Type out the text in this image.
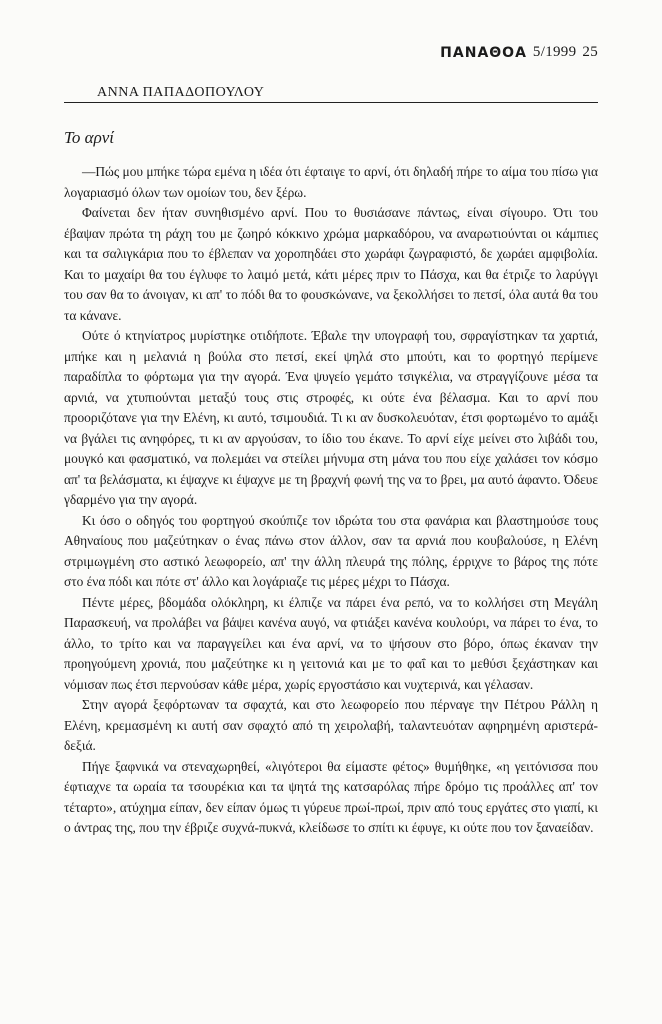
ΠΑΝΑΘΟΑ 5/1999 25
ΑΝΝΑ ΠΑΠΑΔΟΠΟΥΛΟΥ
Το αρνί

—Πώς μου μπήκε τώρα εμένα η ιδέα ότι έφταιγε το αρνί, ότι δηλαδή πήρε το αίμα του πίσω για λογαριασμό όλων των ομοίων του, δεν ξέρω.

Φαίνεται δεν ήταν συνηθισμένο αρνί. Που το θυσιάσανε πάντως, είναι σίγουρο. Ότι του έβαψαν πρώτα τη ράχη του με ζωηρό κόκκινο χρώμα μαρκαδόρου, να αναρωτιούνται οι κάμπιες και τα σαλιγκάρια που το έβλεπαν να χοροπηδάει στο χωράφι ζωγραφιστό, δε χωράει αμφιβολία. Και το μαχαίρι θα του έγλυφε το λαιμό μετά, κάτι μέρες πριν το Πάσχα, και θα έτριζε το λαρύγγι του σαν θα το άνοιγαν, κι απ' το πόδι θα το φουσκώνανε, να ξεκολλήσει το πετσί, όλα αυτά θα του τα κάνανε.

Ούτε ό κτηνίατρος μυρίστηκε οτιδήποτε. Έβαλε την υπογραφή του, σφραγίστηκαν τα χαρτιά, μπήκε και η μελανιά η βούλα στο πετσί, εκεί ψηλά στο μπούτι, και το φορτηγό περίμενε παραδίπλα το φόρτωμα για την αγορά. Ένα ψυγείο γεμάτο τσιγκέλια, να στραγγίζουνε μέσα τα αρνιά, να χτυπιούνται μεταξύ τους στις στροφές, κι ούτε ένα βέλασμα. Και το αρνί που προοριζότανε για την Ελένη, κι αυτό, τσιμουδιά. Τι κι αν δυσκολευόταν, έτσι φορτωμένο το αμάξι να βγάλει τις ανηφόρες, τι κι αν αργούσαν, το ίδιο του έκανε. Το αρνί είχε μείνει στο λιβάδι του, μουγκό και φασματικό, να πολεμάει να στείλει μήνυμα στη μάνα του που είχε χαλάσει τον κόσμο απ' τα βελάσματα, κι έψαχνε κι έψαχνε με τη βραχνή φωνή της να το βρει, μα αυτό άφαντο. Όδευε γδαρμένο για την αγορά.

Κι όσο ο οδηγός του φορτηγού σκούπιζε τον ιδρώτα του στα φανάρια και βλαστημούσε τους Αθηναίους που μαζεύτηκαν ο ένας πάνω στον άλλον, σαν τα αρνιά που κουβαλούσε, η Ελένη στριμωγμένη στο αστικό λεωφορείο, απ' την άλλη πλευρά της πόλης, έρριχνε το βάρος της πότε στο ένα πόδι και πότε στ' άλλο και λογάριαζε τις μέρες μέχρι το Πάσχα.

Πέντε μέρες, βδομάδα ολόκληρη, κι έλπιζε να πάρει ένα ρεπό, να το κολλήσει στη Μεγάλη Παρασκευή, να προλάβει να βάψει κανένα αυγό, να φτιάξει κανένα κουλούρι, να πάρει το ένα, το άλλο, το τρίτο και να παραγγείλει και ένα αρνί, να το ψήσουν στο βόρο, όπως έκαναν την προηγούμενη χρονιά, που μαζεύτηκε κι η γειτονιά και με το φαΐ και το μεθύσι ξεχάστηκαν και νόμισαν πως έτσι περνούσαν κάθε μέρα, χωρίς εργοστάσιο και νυχτερινά, και γέλασαν.

Στην αγορά ξεφόρτωναν τα σφαχτά, και στο λεωφορείο που πέρναγε την Πέτρου Ράλλη η Ελένη, κρεμασμένη κι αυτή σαν σφαχτό από τη χειρολαβή, ταλαντευόταν αφηρημένη αριστερά-δεξιά.

Πήγε ξαφνικά να στεναχωρηθεί, «λιγότεροι θα είμαστε φέτος» θυμήθηκε, «η γειτόνισσα που έφτιαχνε τα ωραία τα τσουρέκια και τα ψητά της κατσαρόλας πήρε δρόμο τις προάλλες απ' τον τέταρτο», ατύχημα είπαν, δεν είπαν όμως τι γύρευε πρωί-πρωί, πριν από τους εργάτες στο γιαπί, κι ο άντρας της, που την έβριζε συχνά-πυκνά, κλείδωσε το σπίτι κι έφυγε, κι ούτε που τον ξαναείδαν.
